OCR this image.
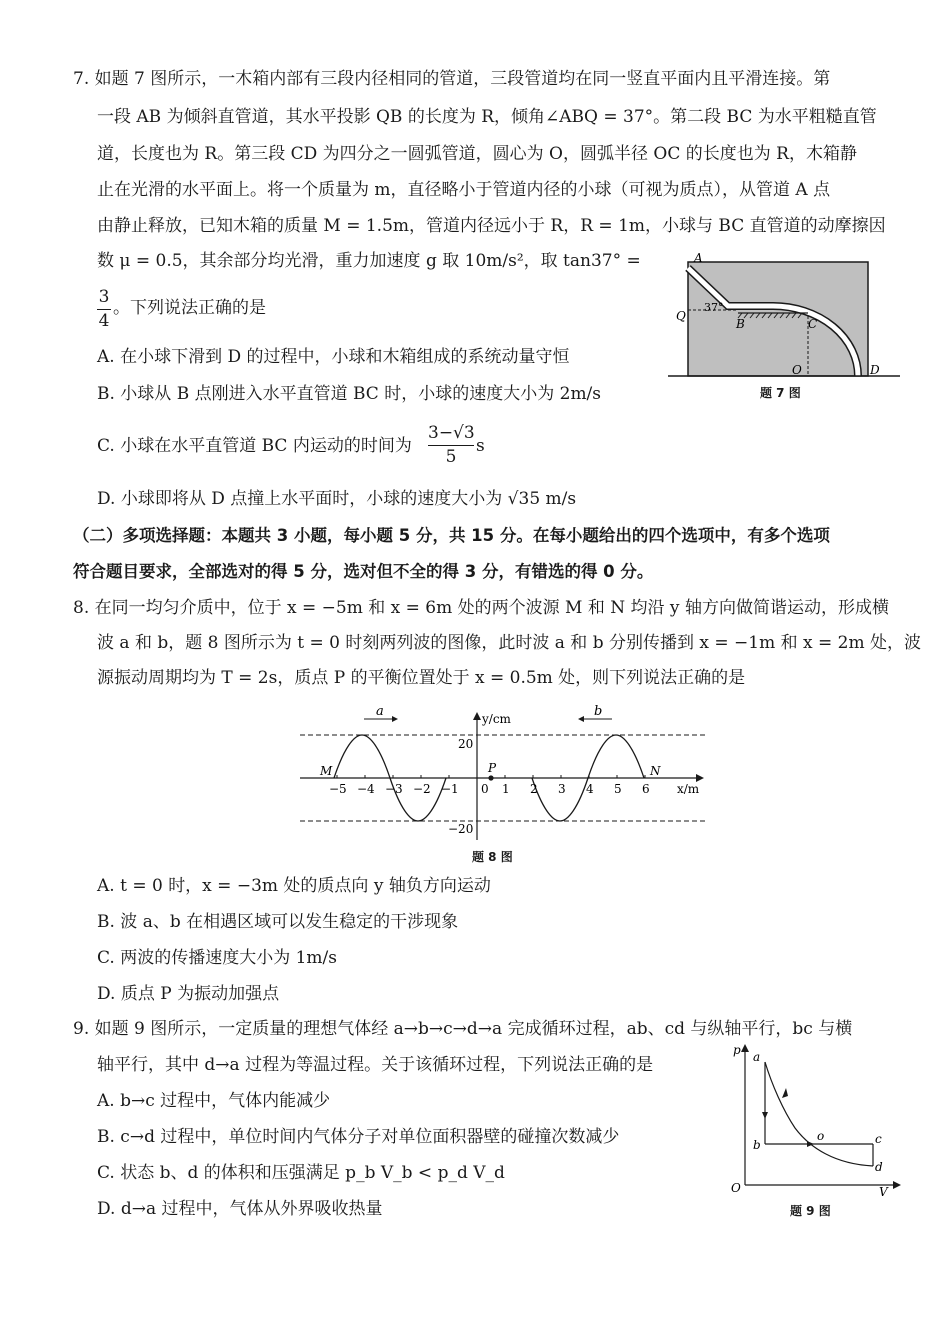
7. 如题 7 图所示，一木箱内部有三段内径相同的管道，三段管道均在同一竖直平面内且平滑连接。第
一段 AB 为倾斜直管道，其水平投影 QB 的长度为 R，倾角∠ABQ = 37°。第二段 BC 为水平粗糙直管
道，长度也为 R。第三段 CD 为四分之一圆弧管道，圆心为 O，圆弧半径 OC 的长度也为 R，木箱静
止在光滑的水平面上。将一个质量为 m，直径略小于管道内径的小球（可视为质点），从管道 A 点
由静止释放，已知木箱的质量 M = 1.5m，管道内径远小于 R，R = 1m，小球与 BC 直管道的动摩擦因
数 μ = 0.5，其余部分均光滑，重力加速度 g 取 10m/s²，取 tan37° =
3
4
。下列说法正确的是
A. 在小球下滑到 D 的过程中，小球和木箱组成的系统动量守恒
B. 小球从 B 点刚进入水平直管道 BC 时，小球的速度大小为 2m/s
C. 小球在水平直管道 BC 内运动的时间为
3−√3
5
s
D. 小球即将从 D 点撞上水平面时，小球的速度大小为 √35 m/s
A
Q
37°
B	C
O	D
题 7 图
（二）多项选择题：本题共 3 小题，每小题 5 分，共 15 分。在每小题给出的四个选项中，有多个选项
符合题目要求，全部选对的得 5 分，选对但不全的得 3 分，有错选的得 0 分。
8. 在同一均匀介质中，位于 x = −5m 和 x = 6m 处的两个波源 M 和 N 均沿 y 轴方向做简谐运动，形成横
波 a 和 b，题 8 图所示为 t = 0 时刻两列波的图像，此时波 a 和 b 分别传播到 x = −1m 和 x = 2m 处，波
源振动周期均为 T = 2s，质点 P 的平衡位置处于 x = 0.5m 处，则下列说法正确的是
a	b
y/cm
x/m
20
−20
M	N
P
−5 −4 −3 −2 −1 0 1 2 3 4 5 6
题 8 图
A. t = 0 时，x = −3m 处的质点向 y 轴负方向运动
B. 波 a、b 在相遇区域可以发生稳定的干涉现象
C. 两波的传播速度大小为 1m/s
D. 质点 P 为振动加强点
9. 如题 9 图所示，一定质量的理想气体经 a→b→c→d→a 完成循环过程，ab、cd 与纵轴平行，bc 与横
轴平行，其中 d→a 过程为等温过程。关于该循环过程，下列说法正确的是
A. b→c 过程中，气体内能减少
B. c→d 过程中，单位时间内气体分子对单位面积器壁的碰撞次数减少
C. 状态 b、d 的体积和压强满足 p_b V_b < p_d V_d
D. d→a 过程中，气体从外界吸收热量
p
V
O
a
b	c
d
o
题 9 图
